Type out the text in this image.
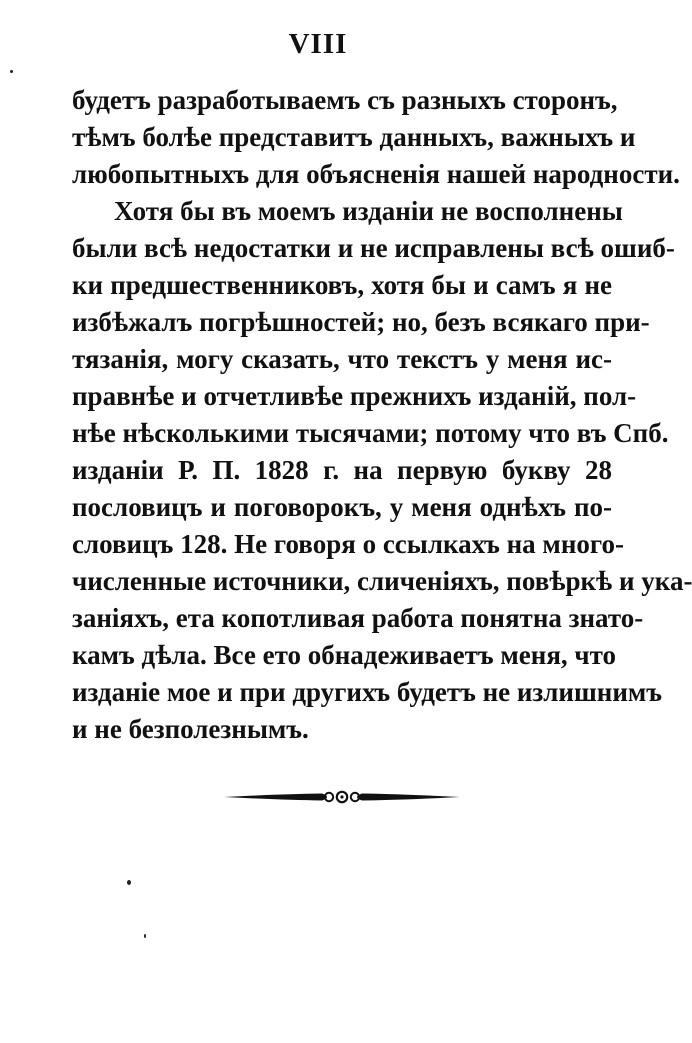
VIII
будетъ разработываемъ съ разныхъ сторонъ,
тѣмъ болѣе представитъ данныхъ, важныхъ и
любопытныхъ для объясненія нашей народности.
Хотя бы въ моемъ изданіи не восполнены
были всѣ недостатки и не исправлены всѣ ошиб-
ки предшественниковъ, хотя бы и самъ я не
избѣжалъ погрѣшностей; но, безъ всякаго при-
тязанія, могу сказать, что текстъ у меня ис-
правнѣе и отчетливѣе прежнихъ изданій, пол-
нѣе нѣсколькими тысячами; потому что въ Спб.
изданіи Р. П. 1828 г. на первую букву 28
пословицъ и поговорокъ, у меня однѣхъ по-
словицъ 128. Не говоря о ссылкахъ на много-
численные источники, сличеніяхъ, повѣркѣ и ука-
заніяхъ, ета копотливая работа понятна знато-
камъ дѣла. Все ето обнадеживаетъ меня, что
изданіе мое и при другихъ будетъ не излишнимъ
и не безполезнымъ.
